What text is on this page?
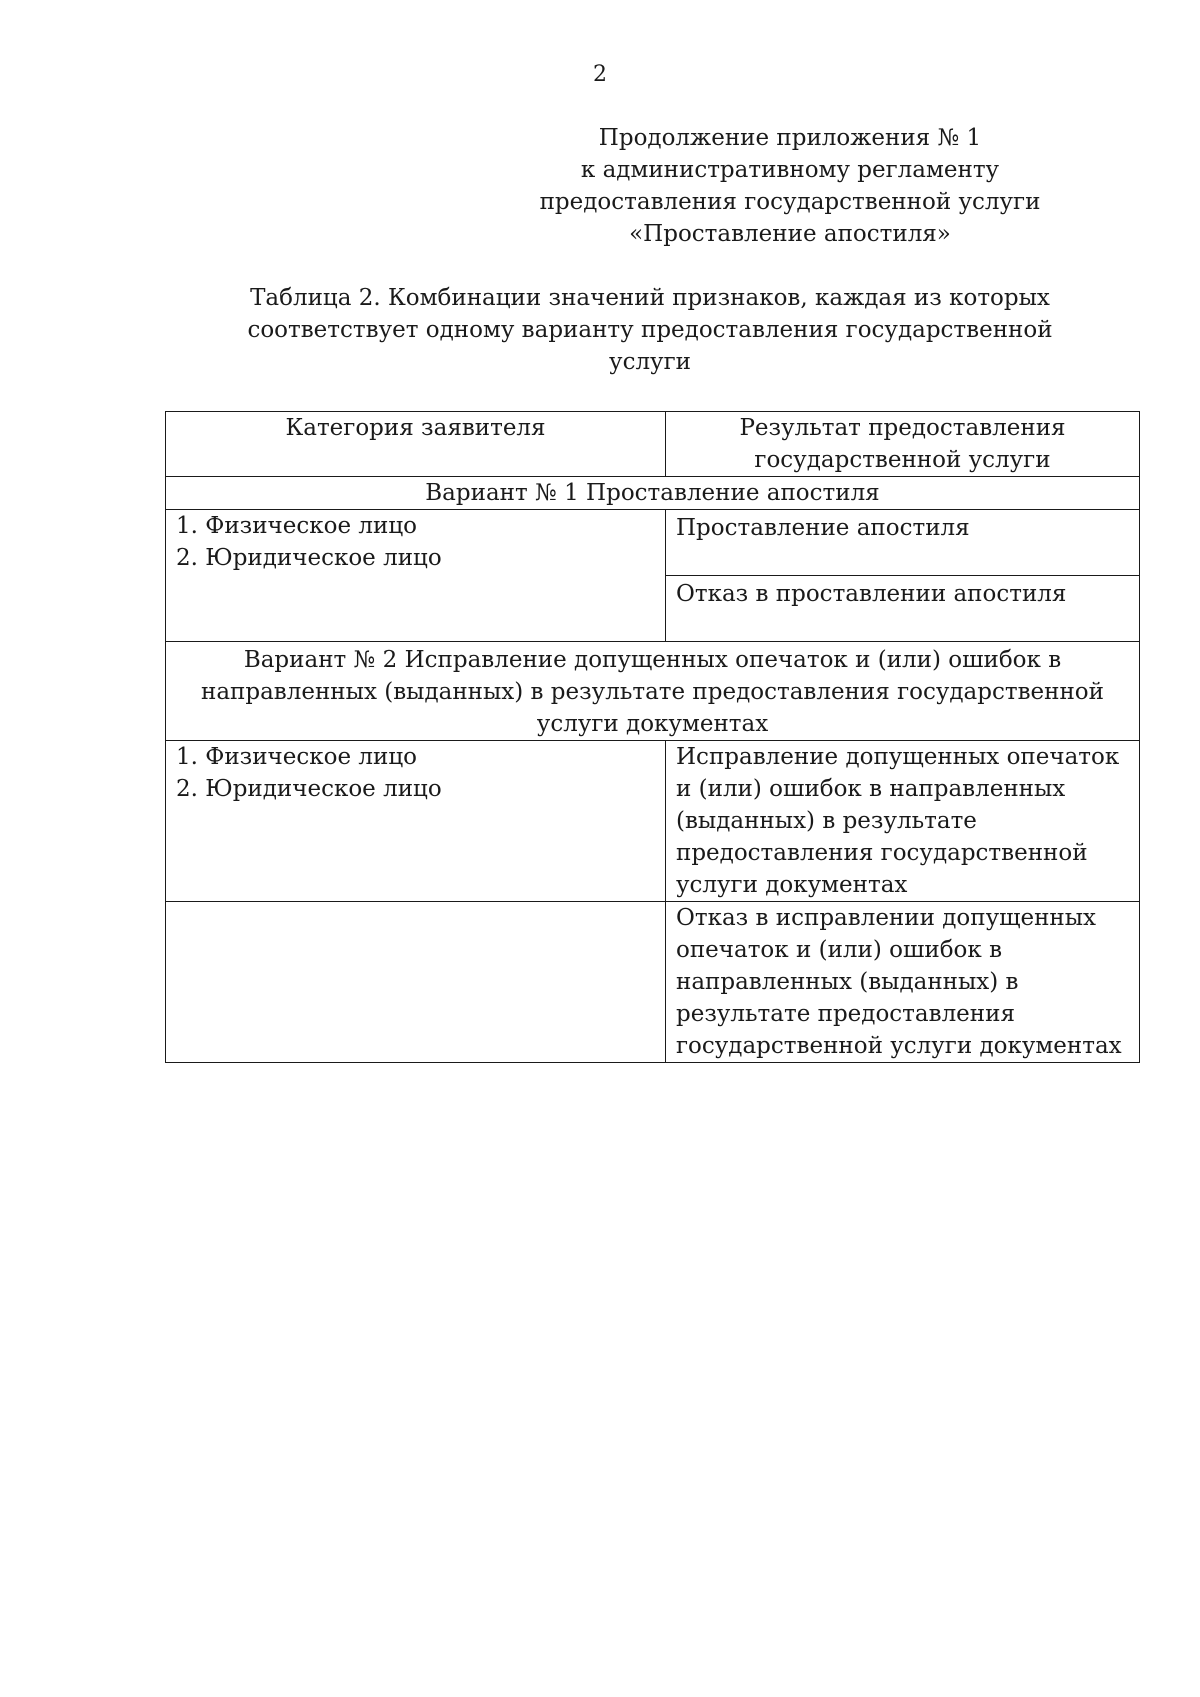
2
Продолжение приложения № 1
к административному регламенту
предоставления государственной услуги
«Проставление апостиля»
Таблица 2. Комбинации значений признаков, каждая из которых
соответствует одному варианту предоставления государственной
услуги
Категория заявителя	Результат предоставления государственной услуги
Вариант № 1 Проставление апостиля	

1. Физическое лицо
2. Юридическое лицо	Проставление апостиля
	Отказ в проставлении апостиля
Вариант № 2 Исправление допущенных опечаток и (или) ошибок в направленных (выданных) в результате предоставления государственной услуги документах	

1. Физическое лицо
2. Юридическое лицо	Исправление допущенных опечаток и (или) ошибок в направленных (выданных) в результате предоставления государственной услуги документах
	Отказ в исправлении допущенных опечаток и (или) ошибок в направленных (выданных) в результате предоставления государственной услуги документах
